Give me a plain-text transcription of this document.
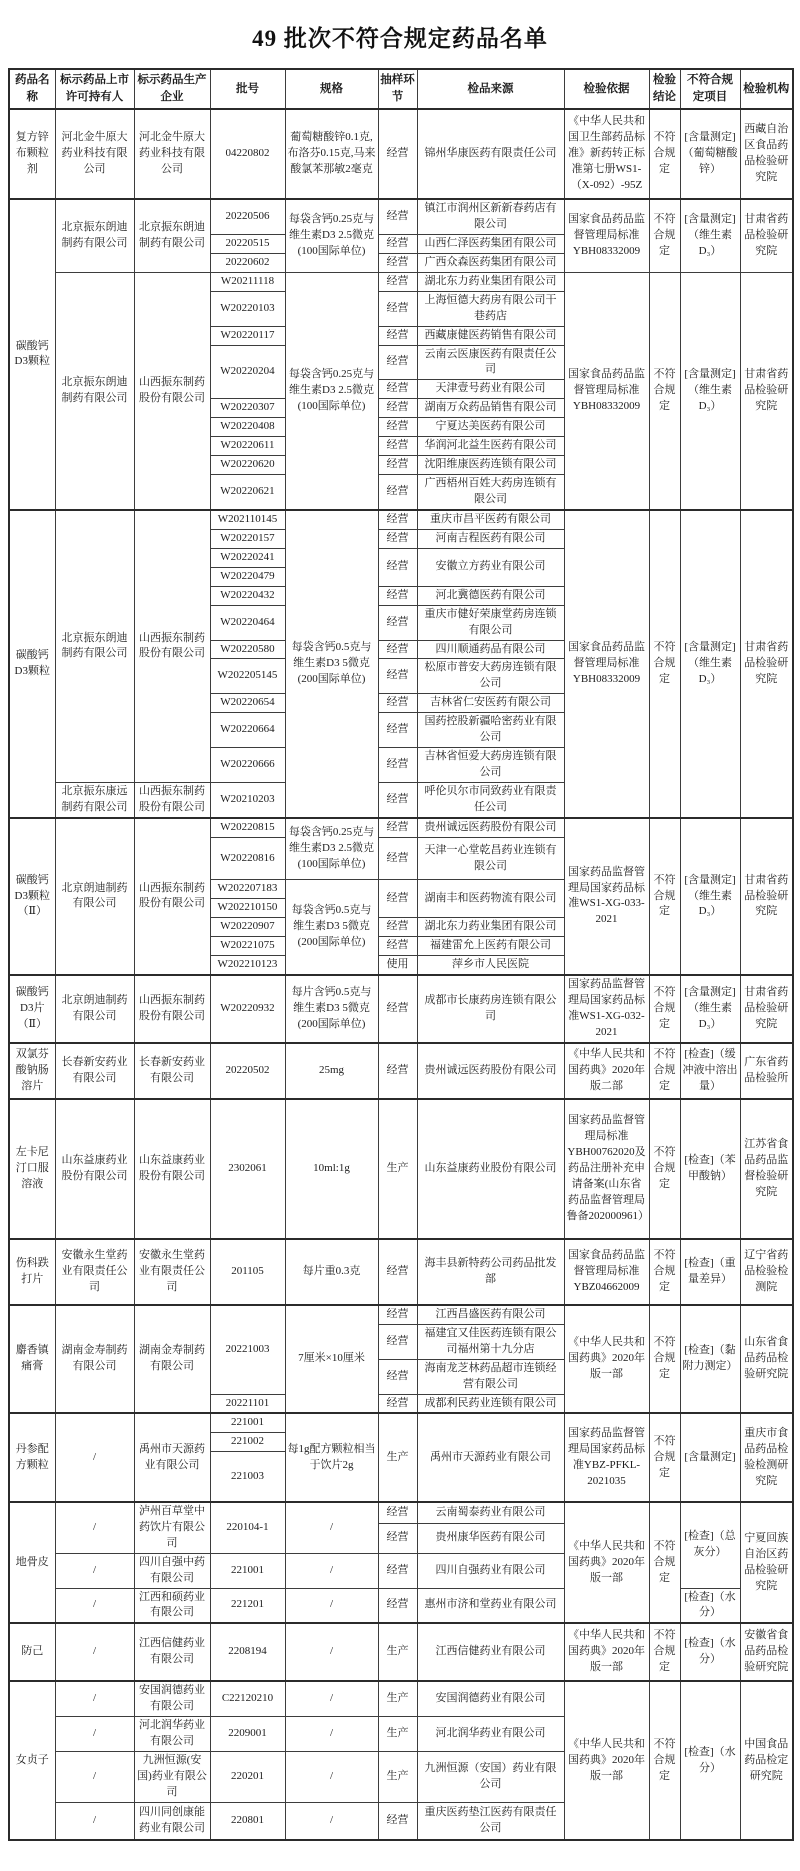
49 批次不符合规定药品名单
药品名称	标示药品上市许可持有人	标示药品生产企业	批号	规格	抽样环节	检品来源	检验依据	检验结论	不符合规定项目	检验机构
复方锌布颗粒剂	河北金牛原大药业科技有限公司	河北金牛原大药业科技有限公司	04220802	葡萄糖酸锌0.1克,布洛芬0.15克,马来酸氯苯那敏2毫克	经营	锦州华康医药有限责任公司	《中华人民共和国卫生部药品标准》新药转正标准第七册WS1-（X-092）-95Z	不符合规定	[含量测定]（葡萄糖酸锌）	西藏自治区食品药品检验研究院
碳酸钙D3颗粒	北京振东朗迪制药有限公司	北京振东朗迪制药有限公司	20220506	每袋含钙0.25克与维生素D3 2.5微克(100国际单位)	经营	镇江市润州区新新春药店有限公司	国家食品药品监督管理局标准YBH08332009	不符合规定	[含量测定]（维生素D₃）	甘肃省药品检验研究院
			20220515		经营	山西仁泽医药集团有限公司				
			20220602		经营	广西众森医药集团有限公司				
	北京振东朗迪制药有限公司	山西振东制药股份有限公司	W20211118	每袋含钙0.25克与维生素D3 2.5微克(100国际单位)	经营	湖北东力药业集团有限公司	国家食品药品监督管理局标准YBH08332009	不符合规定	[含量测定]（维生素D₃）	甘肃省药品检验研究院
			W20220103		经营	上海恒德大药房有限公司干巷药店				
			W20220117		经营	西藏康健医药销售有限公司				
			W20220204		经营	云南云医康医药有限责任公司				
					经营	天津壹号药业有限公司				
			W20220307		经营	湖南万众药品销售有限公司				
			W20220408		经营	宁夏达美医药有限公司				
			W20220611		经营	华润河北益生医药有限公司				
			W20220620		经营	沈阳维康医药连锁有限公司				
			W20220621		经营	广西梧州百姓大药房连锁有限公司				
碳酸钙D3颗粒	北京振东朗迪制药有限公司	山西振东制药股份有限公司	W202110145	每袋含钙0.5克与维生素D3 5微克(200国际单位)	经营	重庆市昌平医药有限公司	国家食品药品监督管理局标准YBH08332009	不符合规定	[含量测定]（维生素D₃）	甘肃省药品检验研究院
			W20220157		经营	河南吉程医药有限公司				
			W20220241		经营	安徽立方药业有限公司				
			W20220479							
			W20220432		经营	河北冀德医药有限公司				
			W20220464		经营	重庆市健好荣康堂药房连锁有限公司				
			W20220580		经营	四川顺通药品有限公司				
			W202205145		经营	松原市普安大药房连锁有限公司				
			W20220654		经营	吉林省仁安医药有限公司				
			W20220664		经营	国药控股新疆哈密药业有限公司				
			W20220666		经营	吉林省恒爱大药房连锁有限公司				
	北京振东康远制药有限公司	山西振东制药股份有限公司	W20210203		经营	呼伦贝尔市同致药业有限责任公司				
碳酸钙D3颗粒（Ⅱ）	北京朗迪制药有限公司	山西振东制药股份有限公司	W20220815	每袋含钙0.25克与维生素D3 2.5微克(100国际单位)	经营	贵州诚远医药股份有限公司	国家药品监督管理局国家药品标准WS1-XG-033-2021	不符合规定	[含量测定]（维生素D₃）	甘肃省药品检验研究院
			W20220816		经营	天津一心堂乾昌药业连锁有限公司				
			W202207183	每袋含钙0.5克与维生素D3 5微克(200国际单位)	经营	湖南丰和医药物流有限公司				
			W202210150							
			W20220907		经营	湖北东力药业集团有限公司				
			W20221075		经营	福建雷允上医药有限公司				
			W202210123		使用	萍乡市人民医院				
碳酸钙D3片（Ⅱ）	北京朗迪制药有限公司	山西振东制药股份有限公司	W20220932	每片含钙0.5克与维生素D3 5微克(200国际单位)	经营	成都市长康药房连锁有限公司	国家药品监督管理局国家药品标准WS1-XG-032-2021	不符合规定	[含量测定]（维生素D₃）	甘肃省药品检验研究院
双氯芬酸钠肠溶片	长春新安药业有限公司	长春新安药业有限公司	20220502	25mg	经营	贵州诚远医药股份有限公司	《中华人民共和国药典》2020年版二部	不符合规定	[检查]（缓冲液中溶出量）	广东省药品检验所
左卡尼汀口服溶液	山东益康药业股份有限公司	山东益康药业股份有限公司	2302061	10ml:1g	生产	山东益康药业股份有限公司	国家药品监督管理局标准YBH00762020及药品注册补充申请备案(山东省药品监督管理局鲁备202000961）	不符合规定	[检查]（苯甲酸钠）	江苏省食品药品监督检验研究院
伤科跌打片	安徽永生堂药业有限责任公司	安徽永生堂药业有限责任公司	201105	每片重0.3克	经营	海丰县新特药公司药品批发部	国家食品药品监督管理局标准YBZ04662009	不符合规定	[检查]（重量差异）	辽宁省药品检验检测院
麝香镇痛膏	湖南金寿制药有限公司	湖南金寿制药有限公司	20221003	7厘米×10厘米	经营	江西昌盛医药有限公司	《中华人民共和国药典》2020年版一部	不符合规定	[检查]（黏附力测定）	山东省食品药品检验研究院
					经营	福建宜又佳医药连锁有限公司福州第十九分店				
					经营	海南龙芝林药品超市连锁经营有限公司				
			20221101		经营	成都利民药业连锁有限公司				
丹参配方颗粒	/	禹州市天源药业有限公司	221001	每1g配方颗粒相当于饮片2g	生产	禹州市天源药业有限公司	国家药品监督管理局国家药品标准YBZ-PFKL-2021035	不符合规定	[含量测定]	重庆市食品药品检验检测研究院
			221002							
			221003							
地骨皮	/	泸州百草堂中药饮片有限公司	220104-1	/	经营	云南蜀泰药业有限公司	《中华人民共和国药典》2020年版一部	不符合规定	[检查]（总灰分）	宁夏回族自治区药品检验研究院
					经营	贵州康华医药有限公司				
	/	四川自强中药有限公司	221001	/	经营	四川自强药业有限公司				
	/	江西和硕药业有限公司	221201	/	经营	惠州市济和堂药业有限公司			[检查]（水分）	
防己	/	江西信健药业有限公司	2208194	/	生产	江西信健药业有限公司	《中华人民共和国药典》2020年版一部	不符合规定	[检查]（水分）	安徽省食品药品检验研究院
女贞子	/	安国润德药业有限公司	C22120210	/	生产	安国润德药业有限公司	《中华人民共和国药典》2020年版一部	不符合规定	[检查]（水分）	中国食品药品检定研究院
	/	河北润华药业有限公司	2209001	/	生产	河北润华药业有限公司				
	/	九洲恒源(安国)药业有限公司	220201	/	生产	九洲恒源（安国）药业有限公司				
	/	四川同创康能药业有限公司	220801	/	经营	重庆医药垫江医药有限责任公司				
